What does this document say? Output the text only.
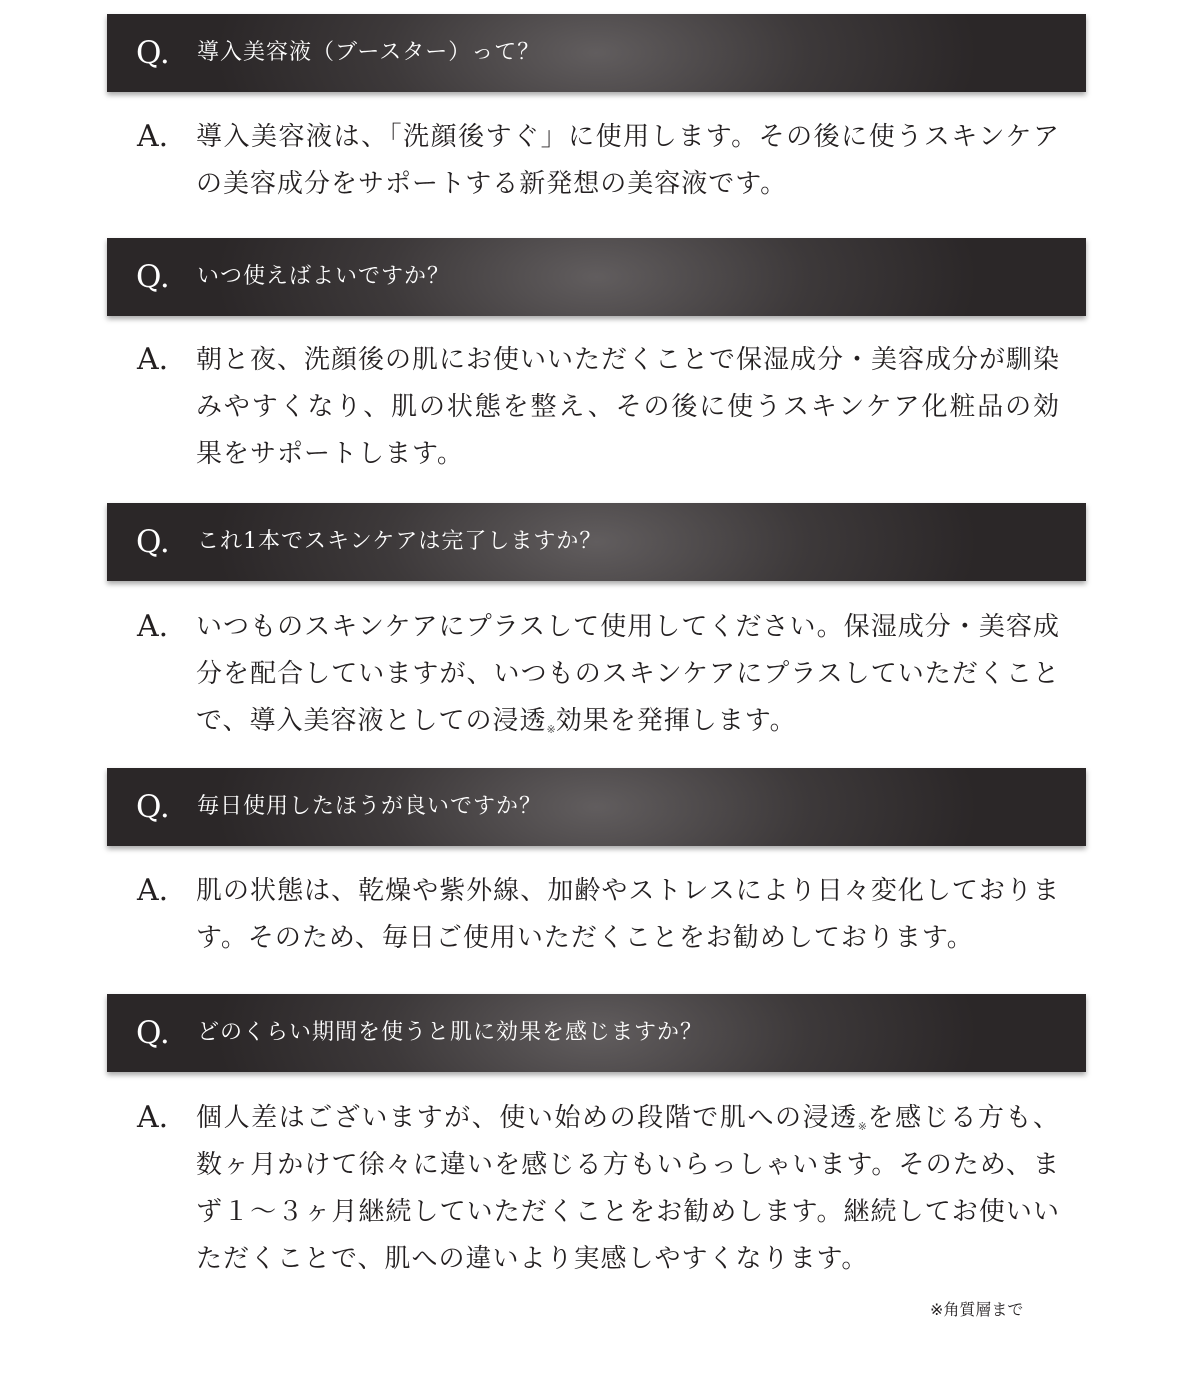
Q. 導入美容液（ブースター）って？
A. 導入美容液は、「洗顔後すぐ」に使用します。その後に使うスキンケアの美容成分をサポートする新発想の美容液です。

Q. いつ使えばよいですか？
A. 朝と夜、洗顔後の肌にお使いいただくことで保湿成分・美容成分が馴染みやすくなり、肌の状態を整え、その後に使うスキンケア化粧品の効果をサポートします。

Q. これ1本でスキンケアは完了しますか？
A. いつものスキンケアにプラスして使用してください。保湿成分・美容成分を配合していますが、いつものスキンケアにプラスしていただくことで、導入美容液としての浸透※効果を発揮します。

Q. 毎日使用したほうが良いですか？
A. 肌の状態は、乾燥や紫外線、加齢やストレスにより日々変化しております。そのため、毎日ご使用いただくことをお勧めしております。

Q. どのくらい期間を使うと肌に効果を感じますか？
A. 個人差はございますが、使い始めの段階で肌への浸透※を感じる方も、数ヶ月かけて徐々に違いを感じる方もいらっしゃいます。そのため、まず１～３ヶ月継続していただくことをお勧めします。継続してお使いいただくことで、肌への違いより実感しやすくなります。

※角質層まで
